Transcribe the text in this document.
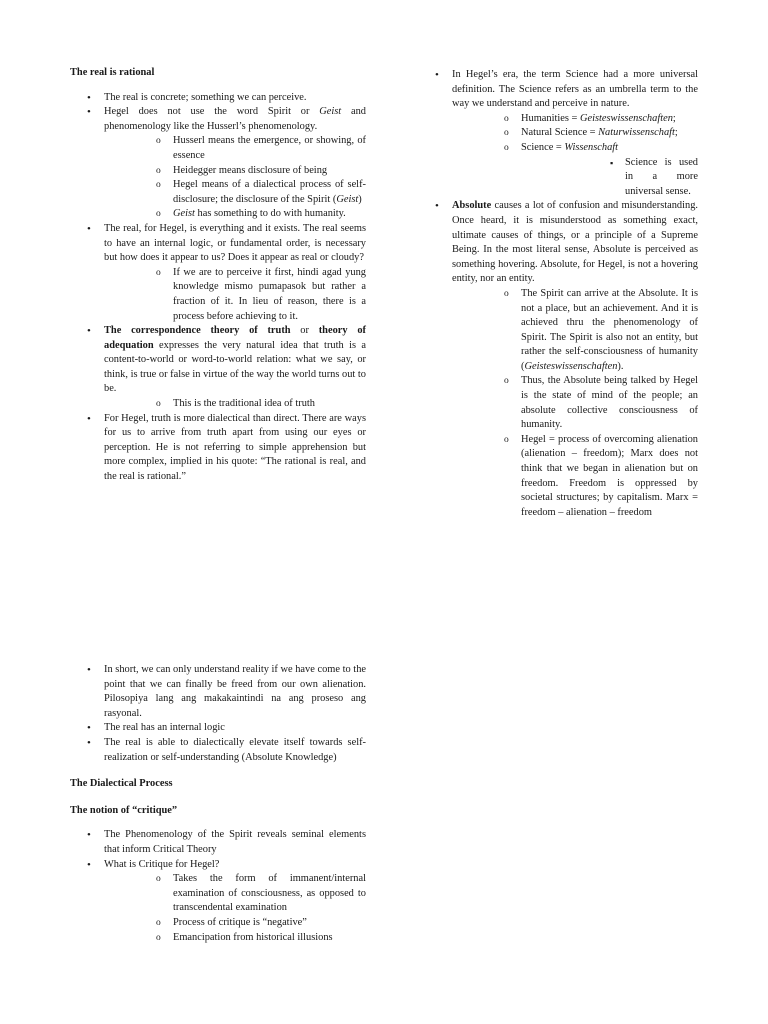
The real is rational
• The real is concrete; something we can perceive.
• Hegel does not use the word Spirit or Geist and phenomenology like the Husserl’s phenomenology.
o Husserl means the emergence, or showing, of essence
o Heidegger means disclosure of being
o Hegel means of a dialectical process of self-disclosure; the disclosure of the Spirit (Geist)
o Geist has something to do with humanity.
• The real, for Hegel, is everything and it exists. The real seems to have an internal logic, or fundamental order, is necessary but how does it appear to us? Does it appear as real or cloudy?
o If we are to perceive it first, hindi agad yung knowledge mismo pumapasok but rather a fraction of it. In lieu of reason, there is a process before achieving to it.
• The correspondence theory of truth or theory of adequation expresses the very natural idea that truth is a content-to-world or word-to-world relation: what we say, or think, is true or false in virtue of the way the world turns out to be.
o This is the traditional idea of truth
• For Hegel, truth is more dialectical than direct. There are ways for us to arrive from truth apart from using our eyes or perception. He is not referring to simple apprehension but more complex, implied in his quote: “The rational is real, and the real is rational.”
• In Hegel’s era, the term Science had a more universal definition. The Science refers as an umbrella term to the way we understand and perceive in nature.
o Humanities = Geisteswissenschaften;
o Natural Science = Naturwissenschaft;
o Science = Wissenschaft
▪ Science is used in a more universal sense.
• Absolute causes a lot of confusion and misunderstanding. Once heard, it is misunderstood as something exact, ultimate causes of things, or a principle of a Supreme Being. In the most literal sense, Absolute is perceived as something hovering. Absolute, for Hegel, is not a hovering entity, nor an entity.
o The Spirit can arrive at the Absolute. It is not a place, but an achievement. And it is achieved thru the phenomenology of Spirit. The Spirit is also not an entity, but rather the self-consciousness of humanity (Geisteswissenschaften).
o Thus, the Absolute being talked by Hegel is the state of mind of the people; an absolute collective consciousness of humanity.
o Hegel = process of overcoming alienation (alienation – freedom); Marx does not think that we began in alienation but on freedom. Freedom is oppressed by societal structures; by capitalism. Marx = freedom – alienation – freedom
• In short, we can only understand reality if we have come to the point that we can finally be freed from our own alienation. Pilosopiya lang ang makakaintindi na ang proseso ang rasyonal.
• The real has an internal logic
• The real is able to dialectically elevate itself towards self-realization or self-understanding (Absolute Knowledge)
The Dialectical Process
The notion of “critique”
• The Phenomenology of the Spirit reveals seminal elements that inform Critical Theory
• What is Critique for Hegel?
o Takes the form of immanent/internal examination of consciousness, as opposed to transcendental examination
o Process of critique is “negative”
o Emancipation from historical illusions
